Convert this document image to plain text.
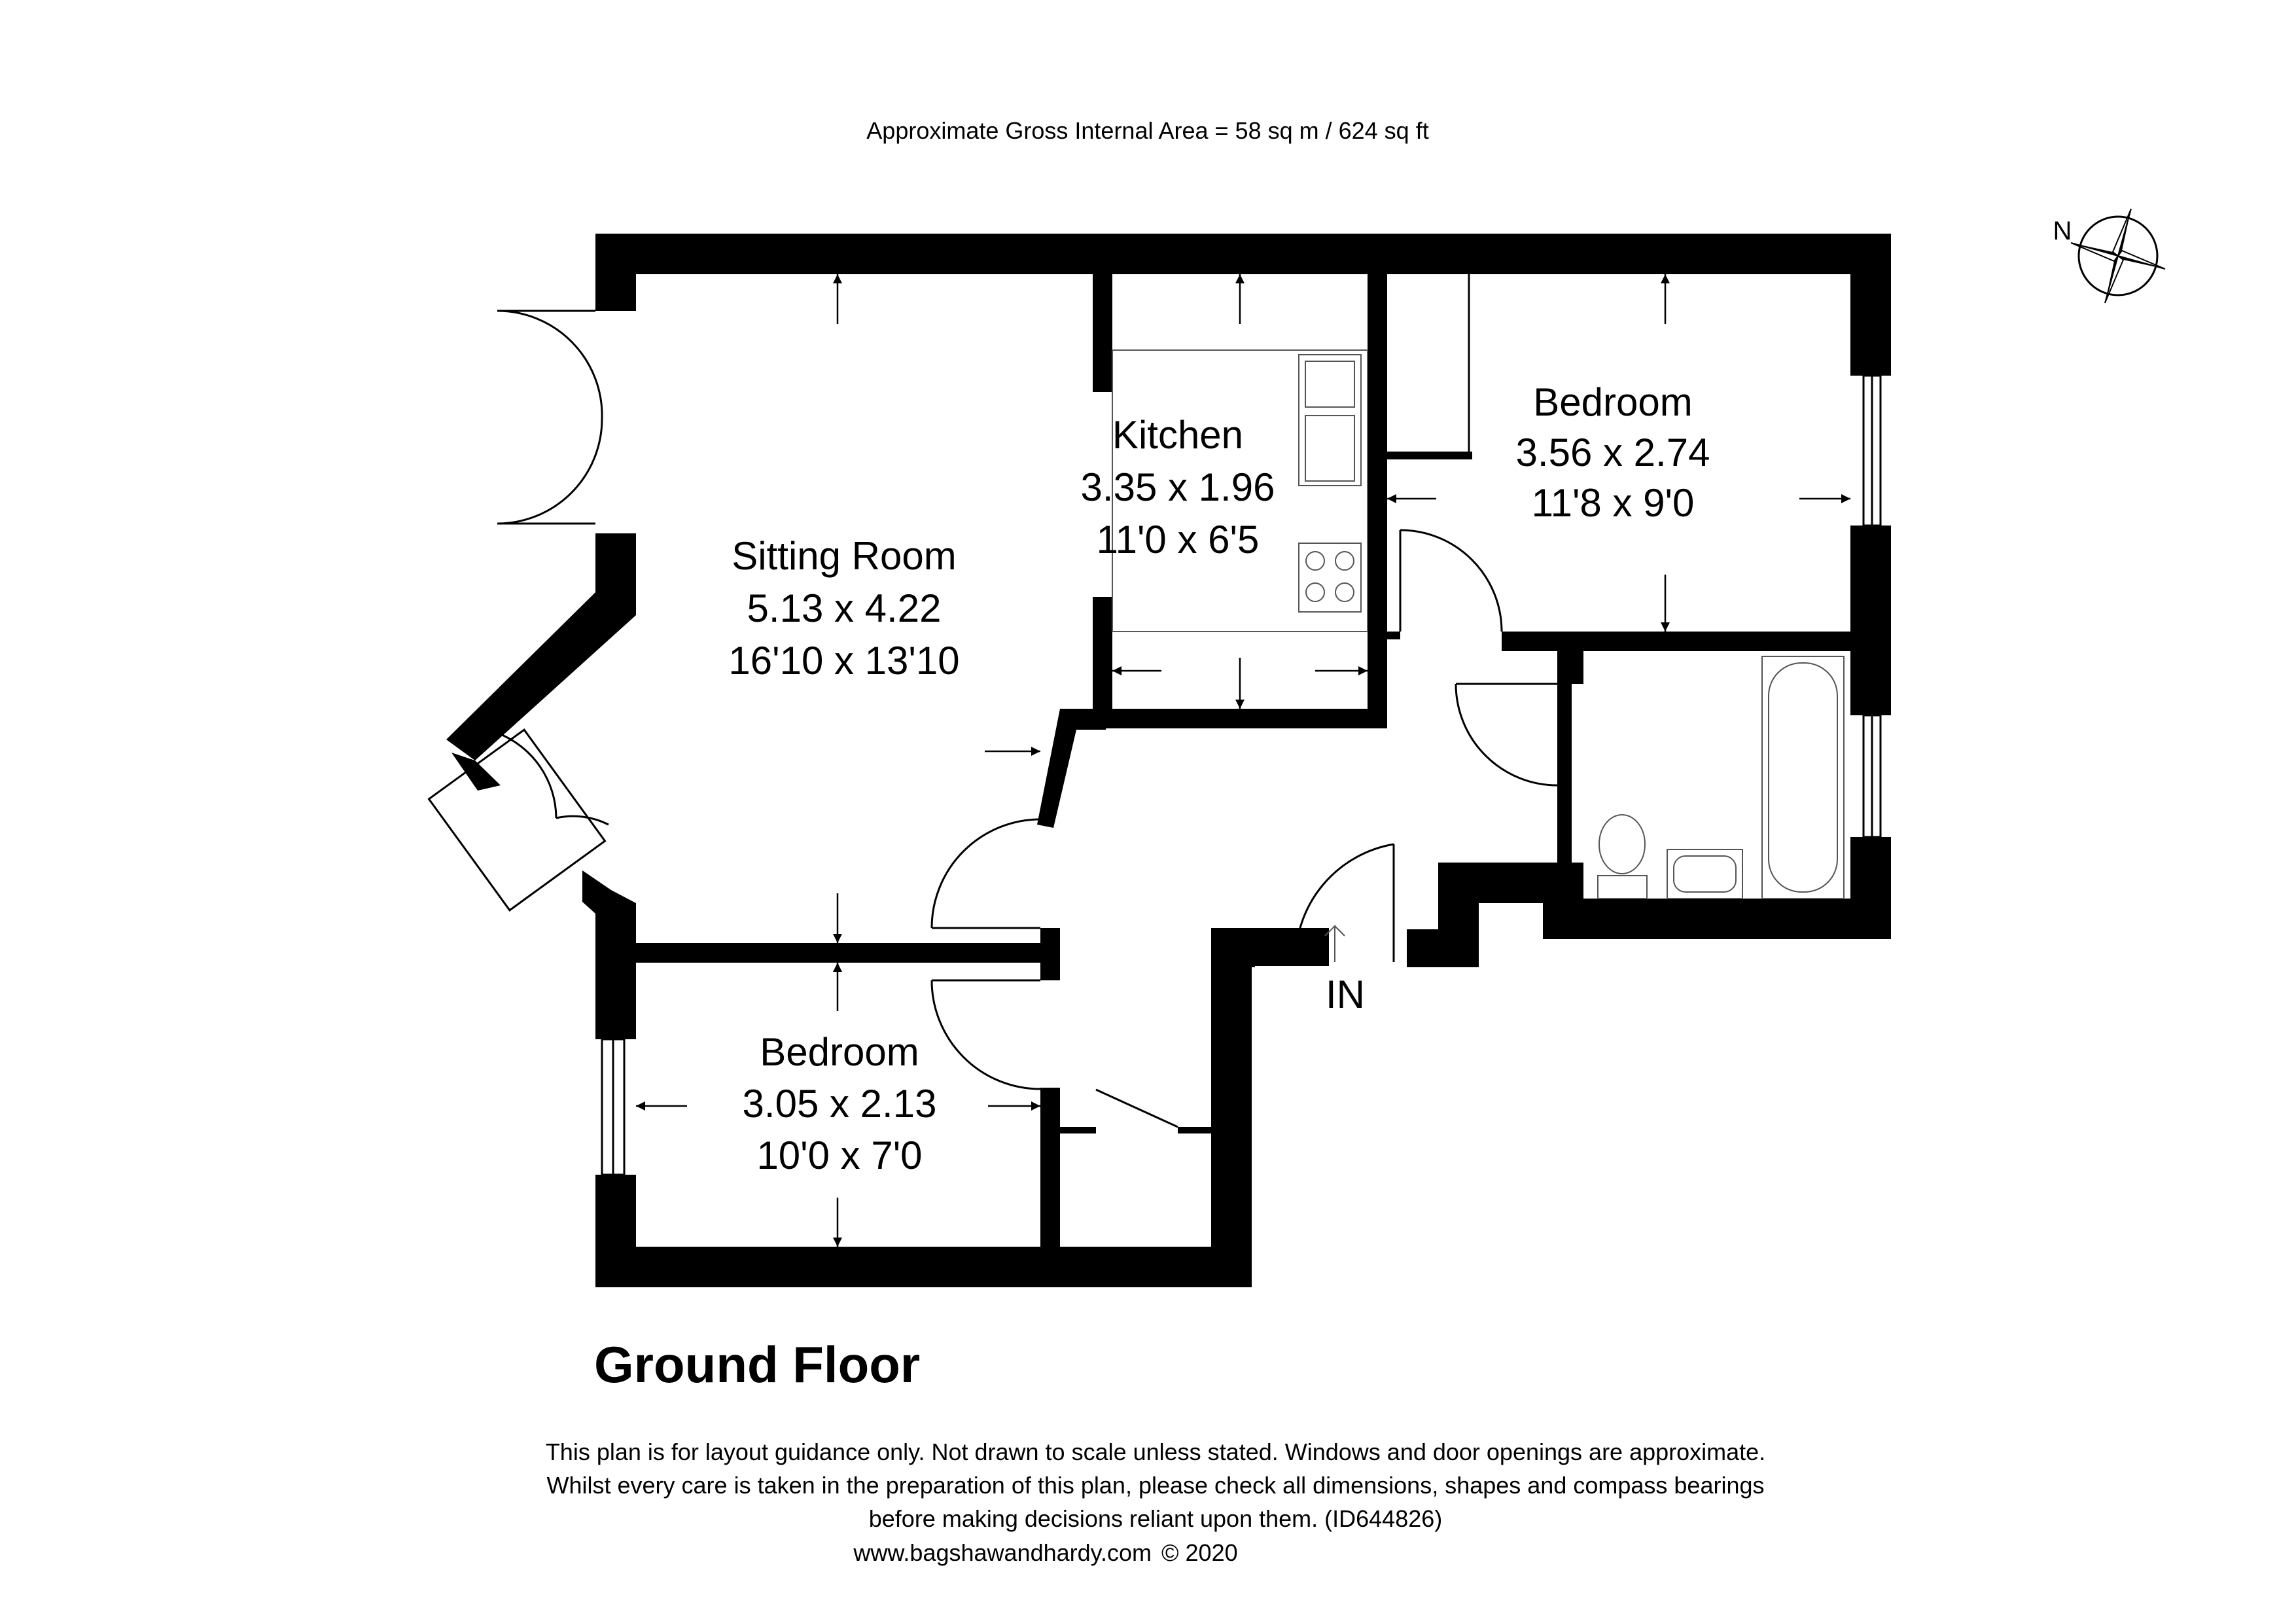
Approximate Gross Internal Area = 58 sq m / 624 sq ft
N
Sitting Room
5.13 x 4.22
16'10 x 13'10
Kitchen
3.35 x 1.96
11'0 x 6'5
Bedroom
3.56 x 2.74
11'8 x 9'0
Bedroom
3.05 x 2.13
10'0 x 7'0
IN
Ground Floor
This plan is for layout guidance only. Not drawn to scale unless stated. Windows and door openings are approximate.
Whilst every care is taken in the preparation of this plan, please check all dimensions, shapes and compass bearings
before making decisions reliant upon them. (ID644826)
www.bagshawandhardy.com © 2020
